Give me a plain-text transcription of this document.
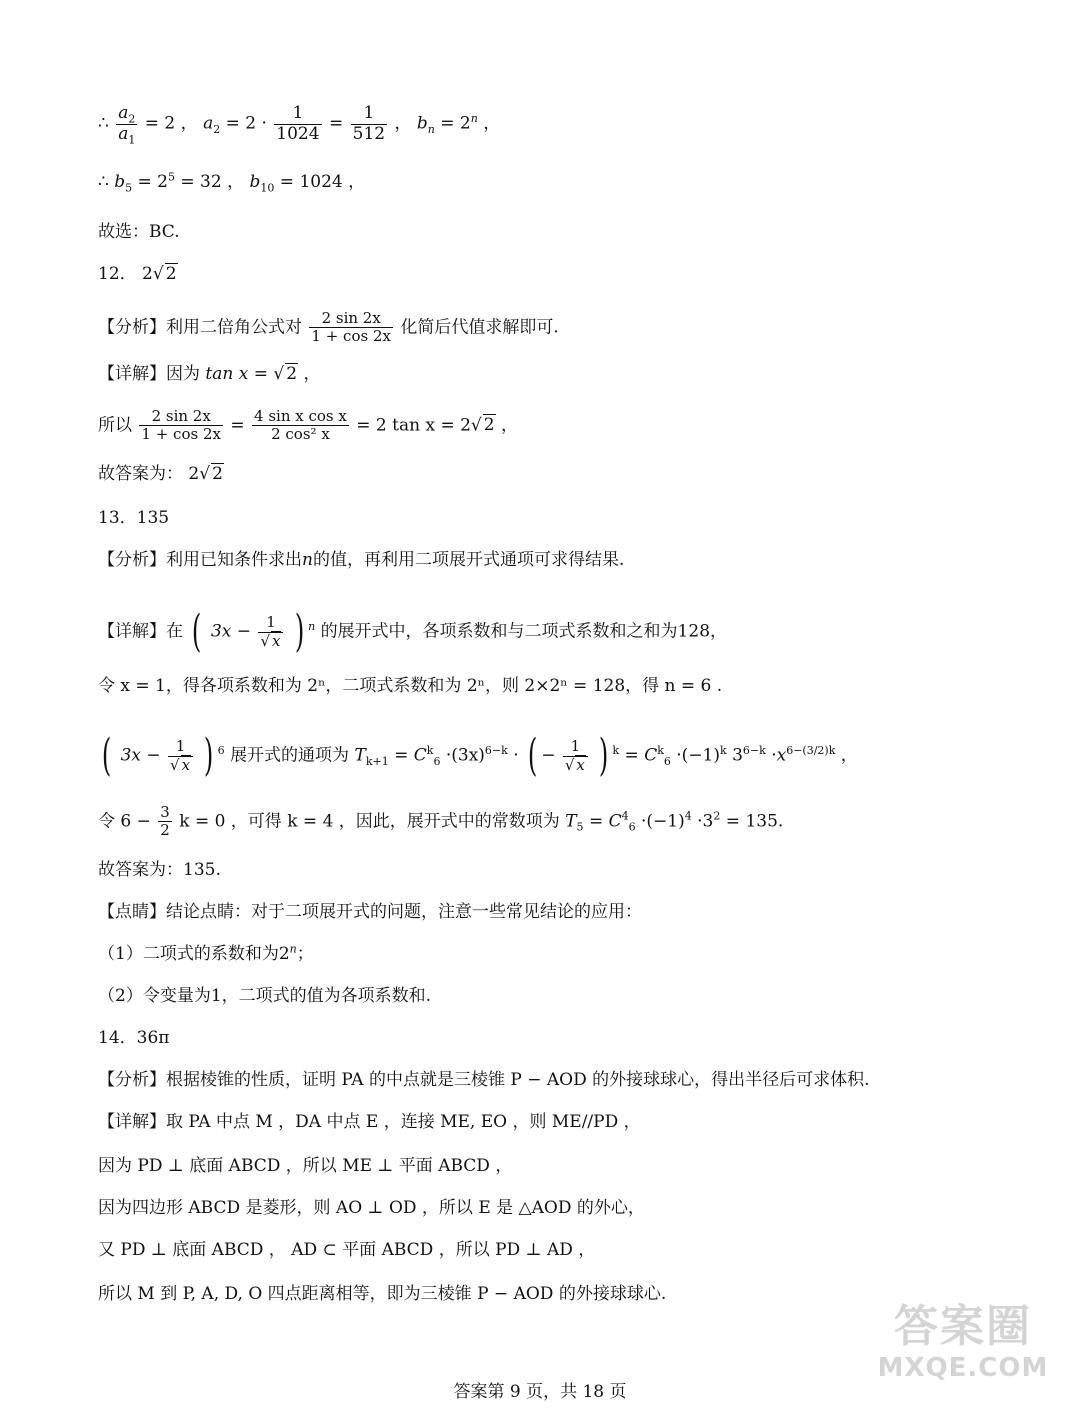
∴ $\frac{a_2}{a_1} = 2$ ， $a_2 = 2 \cdot \frac{1}{1024} = \frac{1}{512}$ ， $b_n = 2^n$ ，
∴ $b_5 = 2^5 = 32$ ， $b_{10} = 1024$ ，
故选：BC.
12． 2√ 2
【分析】利用二倍角公式对 $\frac{2 \sin 2x}{1 + \cos 2x}$ 化简后代值求解即可.
【详解】因为 tan x = √ 2 ，
所以 $\frac{2 \sin 2x}{1 + \cos 2x} = \frac{\text{4 sin x cos x}}{\text{2 cos² x}} = 2$ tan x = 2√ 2 ，
故答案为： 2√ 2
13．135
【分析】利用已知条件求出n的值，再利用二项展开式通项可求得结果.
【详解】在 ( $3x - \frac{1}{√ x}$ ) $^n$ 的展开式中，各项系数和与二项式系数和之和为128，
令 x = 1，得各项系数和为 2ⁿ，二项式系数和为 2ⁿ，则 2×2ⁿ = 128，得 n = 6 .
( $3x - \frac{1}{√ x}$ ) $^6$ 展开式的通项为 $T_{k+1} = C^k_6 \cdot(3x)^{6-k}$ · ( − $\frac{1}{√ x}$ ) $^k = C^k_6 \cdot(-1)^k$ $3^{6-k} \cdot x^{6-(3/2)k}$ ，
令 $6 - \frac{3}{2}$ k = 0 ，可得 k = 4 ，因此，展开式中的常数项为 $T_5 = C^4_6 \cdot(-1)^4 \cdot 3^2 = 135$.
故答案为：135.
【点睛】结论点睛：对于二项展开式的问题，注意一些常见结论的应用：
（1）二项式的系数和为2$^n$；
（2）令变量为1，二项式的值为各项系数和.
14．36π
【分析】根据棱锥的性质，证明 PA 的中点就是三棱锥 P − AOD 的外接球球心，得出半径后可求体积.
【详解】取 PA 中点 M ，DA 中点 E ，连接 ME, EO ，则 ME//PD ，
因为 PD ⊥ 底面 ABCD ，所以 ME ⊥ 平面 ABCD ，
因为四边形 ABCD 是菱形，则 AO ⊥ OD ，所以 E 是 △AOD 的外心，
又 PD ⊥ 底面 ABCD ， AD ⊂ 平面 ABCD ，所以 PD ⊥ AD ，
所以 M 到 P, A, D, O 四点距离相等，即为三棱锥 P − AOD 的外接球球心.
答案圈
MXQE.COM
答案第 9 页，共 18 页
